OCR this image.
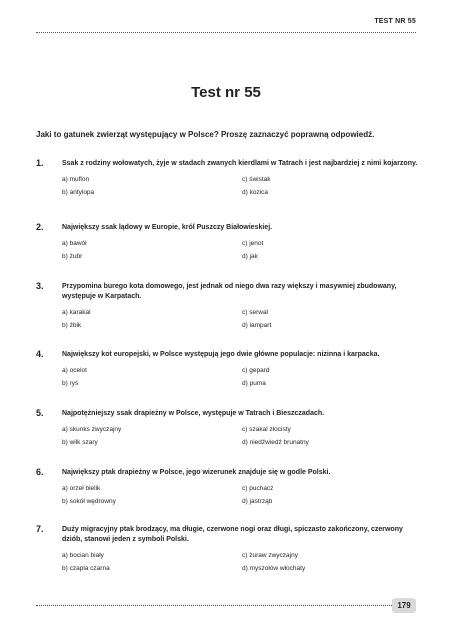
TEST NR 55
Test nr 55

Jaki to gatunek zwierząt występujący w Polsce? Proszę zaznaczyć poprawną odpowiedź.

1.	Ssak z rodziny wołowatych, żyje w stadach zwanych kierdlami w Tatrach i jest najbardziej z nimi kojarzony.

a) muflon	c) świstak
b) antylopa	d) kozica
2.	Największy ssak lądowy w Europie, król Puszczy Białowieskiej.

a) bawół	c) jenot
b) żubr	d) jak
3.	Przypomina burego kota domowego, jest jednak od niego dwa razy większy i masywniej zbudowany, występuje w Karpatach.

a) karakal	c) serwal
b) żbik	d) lampart
4.	Największy kot europejski, w Polsce występują jego dwie główne populacje: nizinna i karpacka.

a) ocelot	c) gepard
b) ryś	d) puma
5.	Najpotężniejszy ssak drapieżny w Polsce, występuje w Tatrach i Bieszczadach.

a) skunks zwyczajny	c) szakal złocisty
b) wilk szary	d) niedźwiedź brunatny
6.	Największy ptak drapieżny w Polsce, jego wizerunek znajduje się w godle Polski.

a) orzeł bielik	c) puchacz
b) sokół wędrowny	d) jastrząb
7.	Duży migracyjny ptak brodzący, ma długie, czerwone nogi oraz długi, spiczasto zakończony, czerwony dziób, stanowi jeden z symboli Polski.

a) bocian biały	c) żuraw zwyczajny
b) czapla czarna	d) myszołów włochaty
179
